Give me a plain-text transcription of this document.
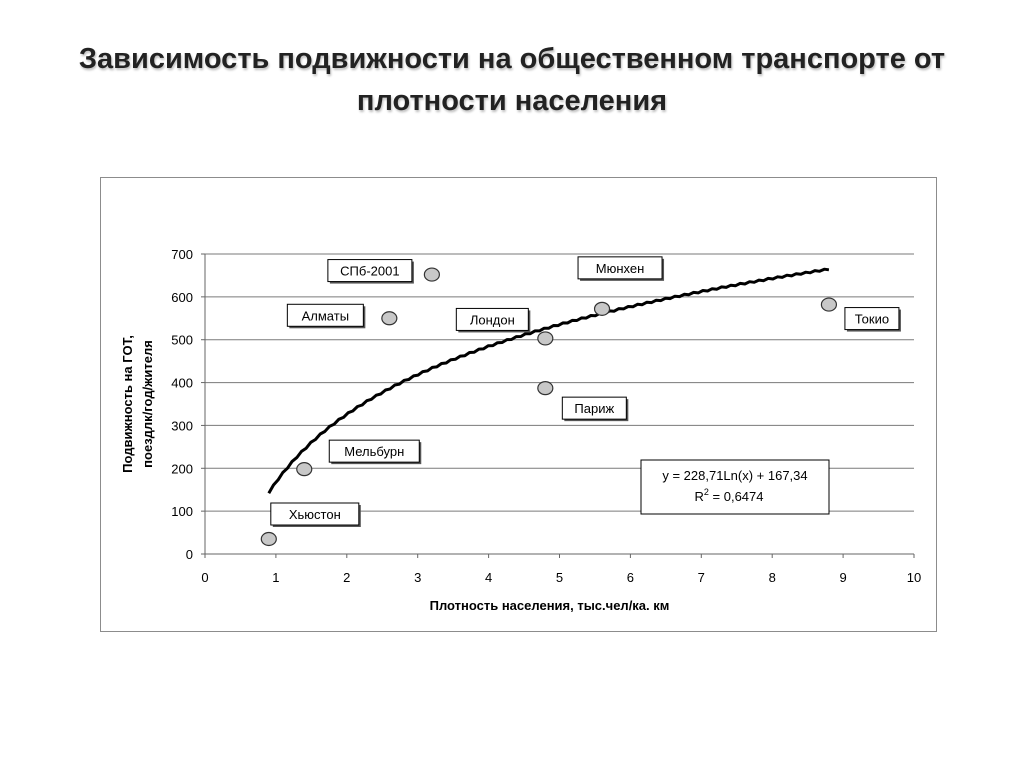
Зависимость подвижности на общественном транспорте от
плотности населения
0
100
200
300
400
500
600
700
0	1	2	3	4	5	6	7	8	9	10
Плотность населения, тыс.чел/ка. км
Подвижность на ГОТ, поездлк/год/жителя
Хьюстон
Мельбурн
Алматы
СПб-2001
Лондон
Париж
Мюнхен
Токио
y = 228,71Ln(x) + 167,34
$R^2 = 0,6474$
